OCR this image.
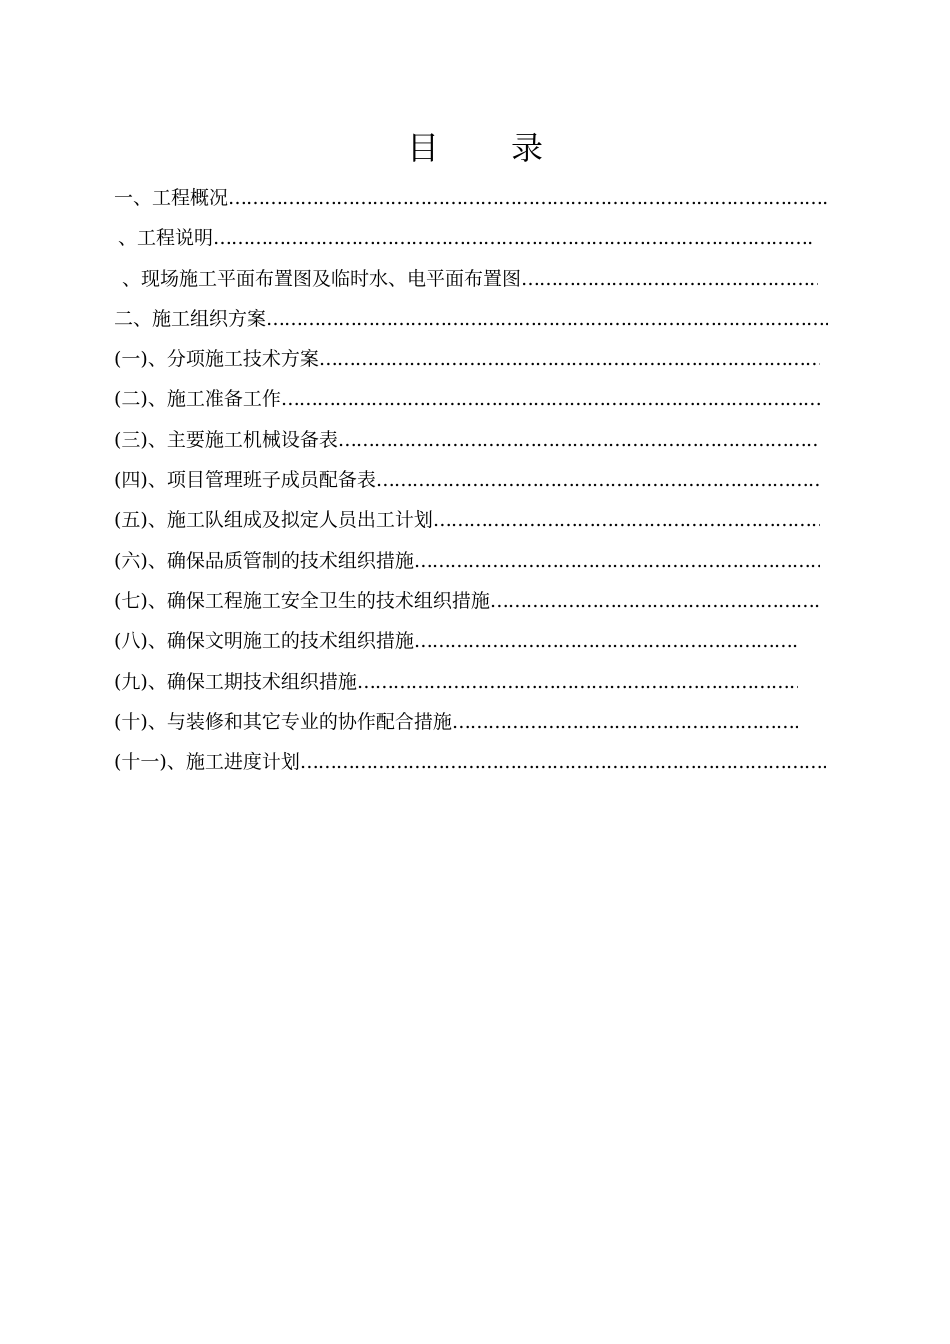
目 录
一、工程概况
……………………………………………………………………………………………………………………………………………………………………………………
、工程说明
……………………………………………………………………………………………………………………………………………………………………………………
、现场施工平面布置图及临时水、电平面布置图
……………………………………………………………………………………………………………………………………………………………………………………
二、施工组织方案
……………………………………………………………………………………………………………………………………………………………………………………
(一)、分项施工技术方案
……………………………………………………………………………………………………………………………………………………………………………………
(二)、施工准备工作
……………………………………………………………………………………………………………………………………………………………………………………
(三)、主要施工机械设备表
……………………………………………………………………………………………………………………………………………………………………………………
(四)、项目管理班子成员配备表
……………………………………………………………………………………………………………………………………………………………………………………
(五)、施工队组成及拟定人员出工计划
……………………………………………………………………………………………………………………………………………………………………………………
(六)、确保品质管制的技术组织措施
……………………………………………………………………………………………………………………………………………………………………………………
(七)、确保工程施工安全卫生的技术组织措施
……………………………………………………………………………………………………………………………………………………………………………………
(八)、确保文明施工的技术组织措施
……………………………………………………………………………………………………………………………………………………………………………………
(九)、确保工期技术组织措施
……………………………………………………………………………………………………………………………………………………………………………………
(十)、与装修和其它专业的协作配合措施
……………………………………………………………………………………………………………………………………………………………………………………
(十一)、施工进度计划
……………………………………………………………………………………………………………………………………………………………………………………
